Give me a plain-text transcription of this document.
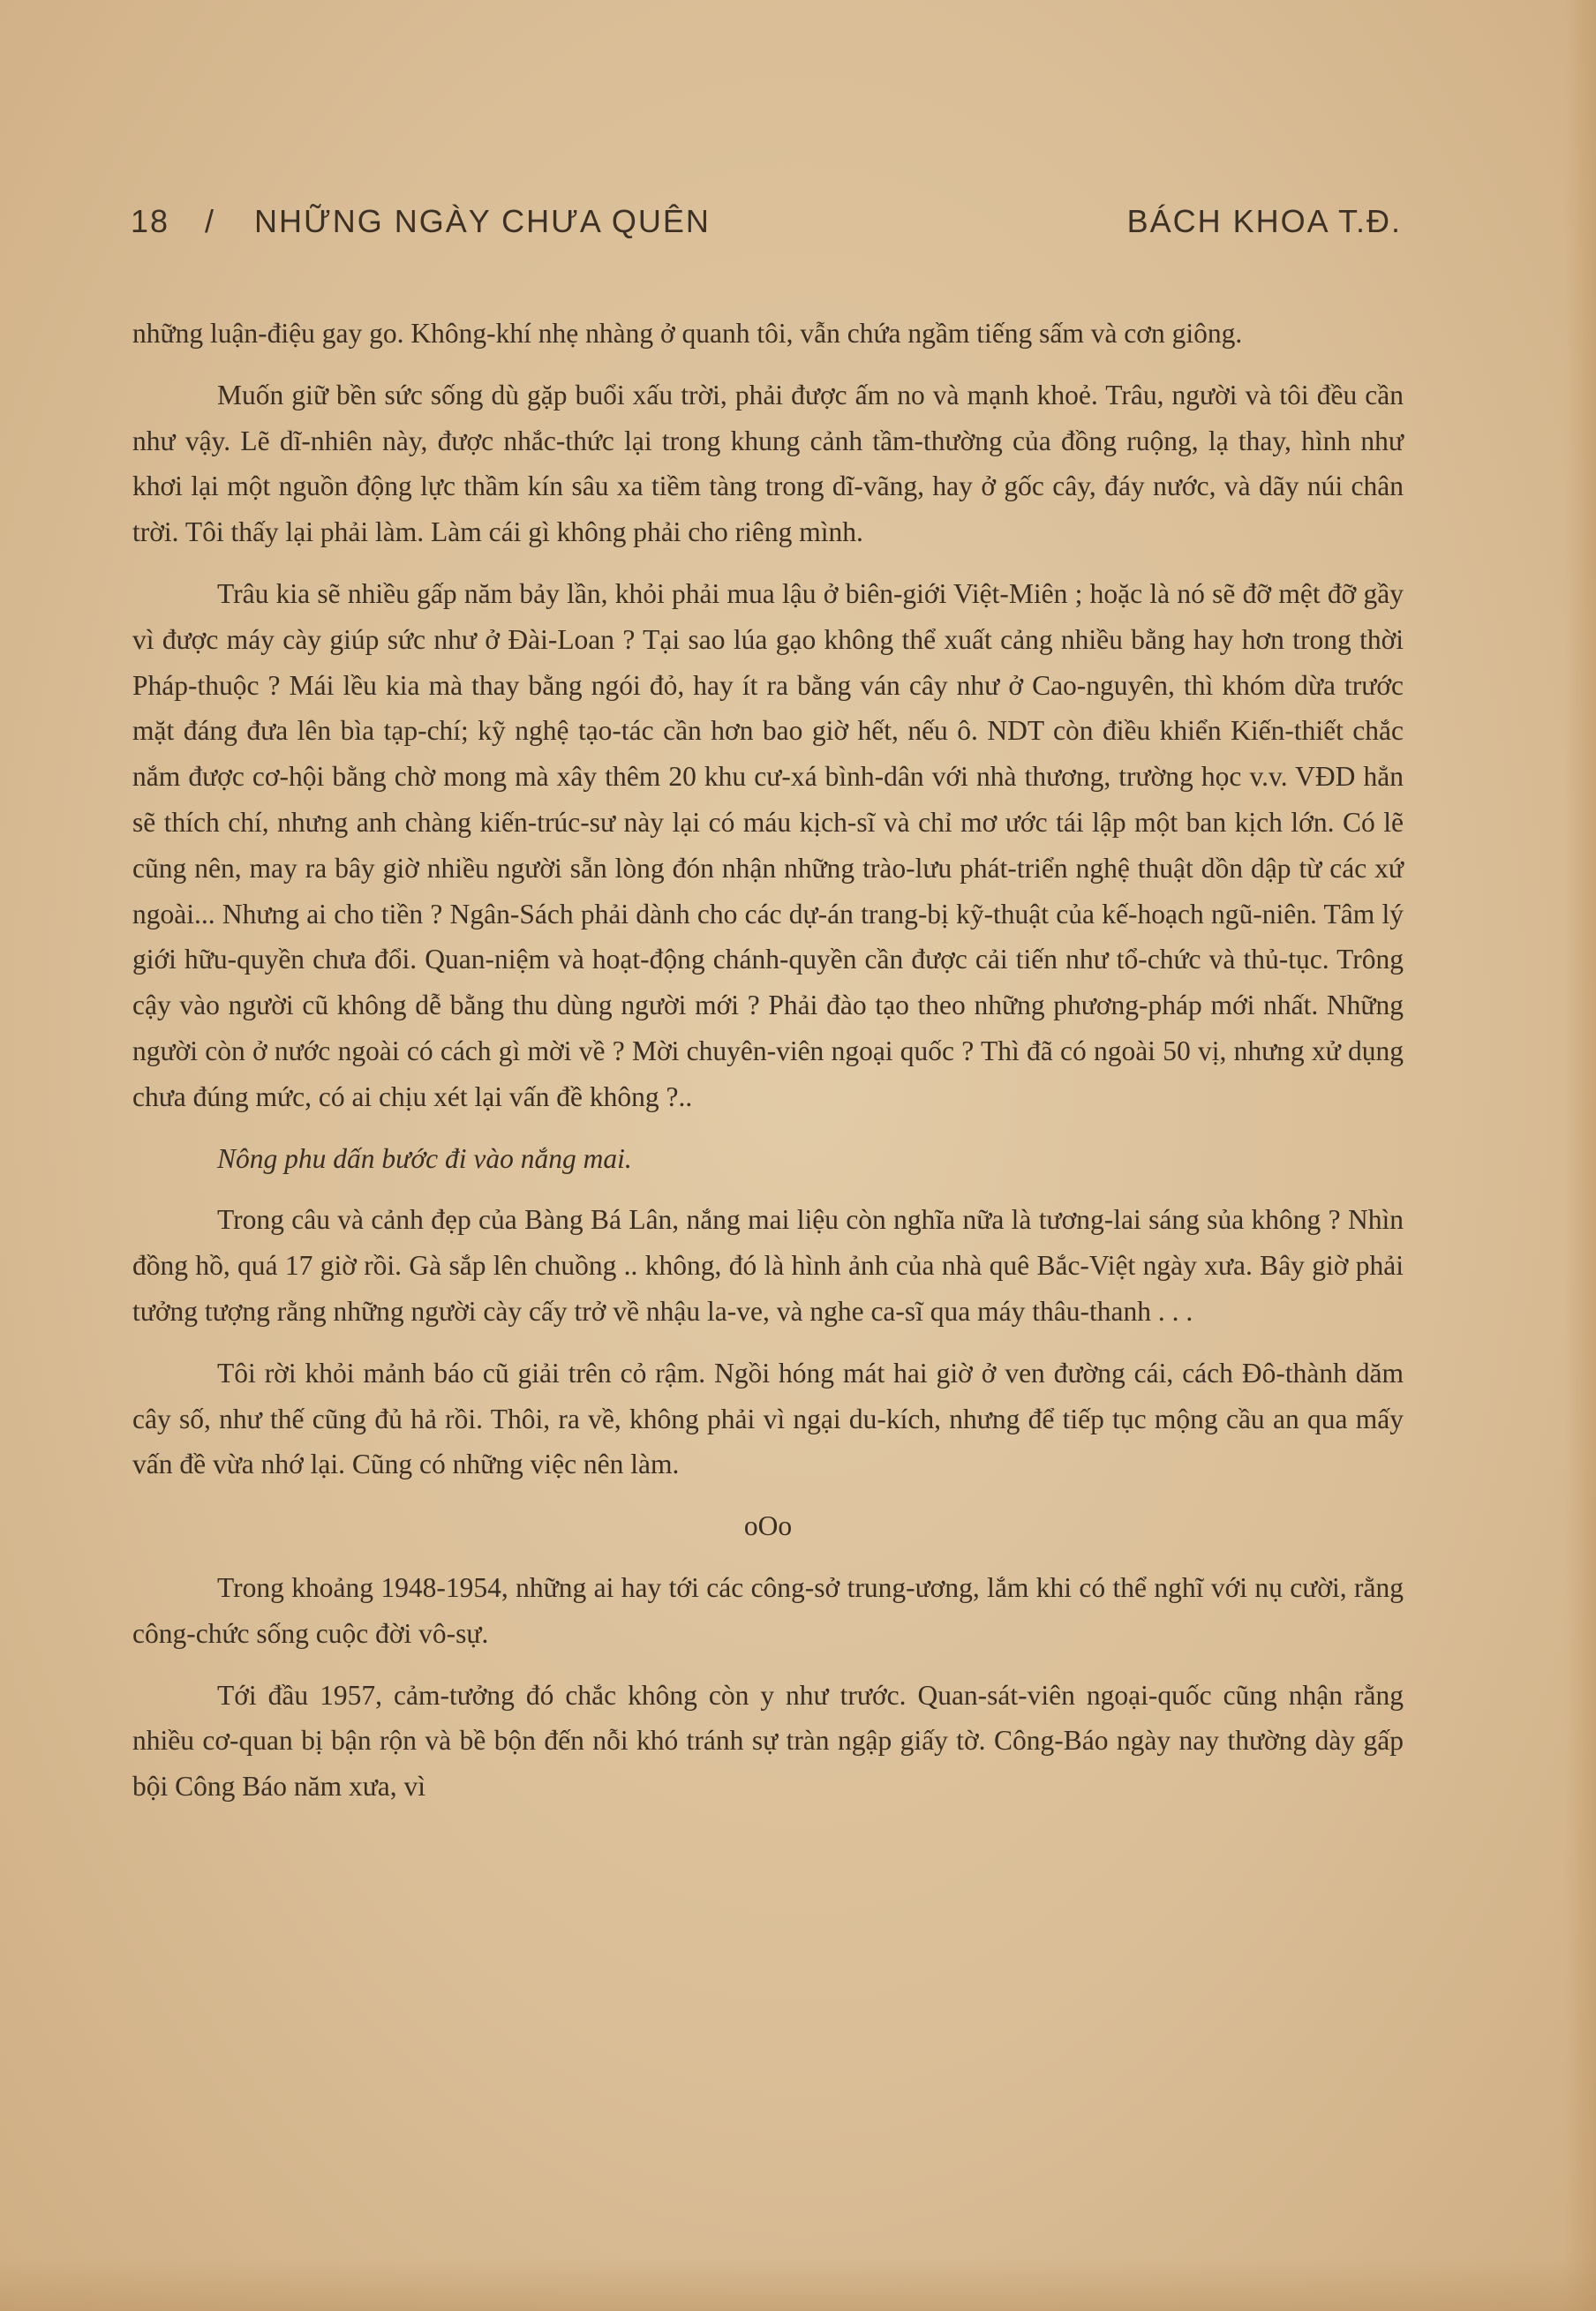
18 / NHỮNG NGÀY CHƯA QUÊN	BÁCH KHOA T.Đ.

những luận-điệu gay go. Không-khí nhẹ nhàng ở quanh tôi, vẫn chứa ngầm tiếng sấm và cơn giông.

Muốn giữ bền sức sống dù gặp buổi xấu trời, phải được ấm no và mạnh khoẻ. Trâu, người và tôi đều cần như vậy. Lẽ dĩ-nhiên này, được nhắc-thức lại trong khung cảnh tầm-thường của đồng ruộng, lạ thay, hình như khơi lại một nguồn động lực thầm kín sâu xa tiềm tàng trong dĩ-vãng, hay ở gốc cây, đáy nước, và dãy núi chân trời. Tôi thấy lại phải làm. Làm cái gì không phải cho riêng mình.

Trâu kia sẽ nhiều gấp năm bảy lần, khỏi phải mua lậu ở biên-giới Việt-Miên ; hoặc là nó sẽ đỡ mệt đỡ gầy vì được máy cày giúp sức như ở Đài-Loan ? Tại sao lúa gạo không thể xuất cảng nhiều bằng hay hơn trong thời Pháp-thuộc ? Mái lều kia mà thay bằng ngói đỏ, hay ít ra bằng ván cây như ở Cao-nguyên, thì khóm dừa trước mặt đáng đưa lên bìa tạp-chí; kỹ nghệ tạo-tác cần hơn bao giờ hết, nếu ô. NDT còn điều khiển Kiến-thiết chắc nắm được cơ-hội bằng chờ mong mà xây thêm 20 khu cư-xá bình-dân với nhà thương, trường học v.v. VĐD hẳn sẽ thích chí, nhưng anh chàng kiến-trúc-sư này lại có máu kịch-sĩ và chỉ mơ ước tái lập một ban kịch lớn. Có lẽ cũng nên, may ra bây giờ nhiều người sẵn lòng đón nhận những trào-lưu phát-triển nghệ thuật dồn dập từ các xứ ngoài... Nhưng ai cho tiền ? Ngân-Sách phải dành cho các dự-án trang-bị kỹ-thuật của kế-hoạch ngũ-niên. Tâm lý giới hữu-quyền chưa đổi. Quan-niệm và hoạt-động chánh-quyền cần được cải tiến như tổ-chức và thủ-tục. Trông cậy vào người cũ không dễ bằng thu dùng người mới ? Phải đào tạo theo những phương-pháp mới nhất. Những người còn ở nước ngoài có cách gì mời về ? Mời chuyên-viên ngoại quốc ? Thì đã có ngoài 50 vị, nhưng xử dụng chưa đúng mức, có ai chịu xét lại vấn đề không ?..

Nông phu dấn bước đi vào nắng mai.

Trong câu và cảnh đẹp của Bàng Bá Lân, nắng mai liệu còn nghĩa nữa là tương-lai sáng sủa không ? Nhìn đồng hồ, quá 17 giờ rồi. Gà sắp lên chuồng .. không, đó là hình ảnh của nhà quê Bắc-Việt ngày xưa. Bây giờ phải tưởng tượng rằng những người cày cấy trở về nhậu la-ve, và nghe ca-sĩ qua máy thâu-thanh . . .

Tôi rời khỏi mảnh báo cũ giải trên cỏ rậm. Ngồi hóng mát hai giờ ở ven đường cái, cách Đô-thành dăm cây số, như thế cũng đủ hả rồi. Thôi, ra về, không phải vì ngại du-kích, nhưng để tiếp tục mộng cầu an qua mấy vấn đề vừa nhớ lại. Cũng có những việc nên làm.

oOo

Trong khoảng 1948-1954, những ai hay tới các công-sở trung-ương, lắm khi có thể nghĩ với nụ cười, rằng công-chức sống cuộc đời vô-sự.

Tới đầu 1957, cảm-tưởng đó chắc không còn y như trước. Quan-sát-viên ngoại-quốc cũng nhận rằng nhiều cơ-quan bị bận rộn và bề bộn đến nỗi khó tránh sự tràn ngập giấy tờ. Công-Báo ngày nay thường dày gấp bội Công Báo năm xưa, vì
